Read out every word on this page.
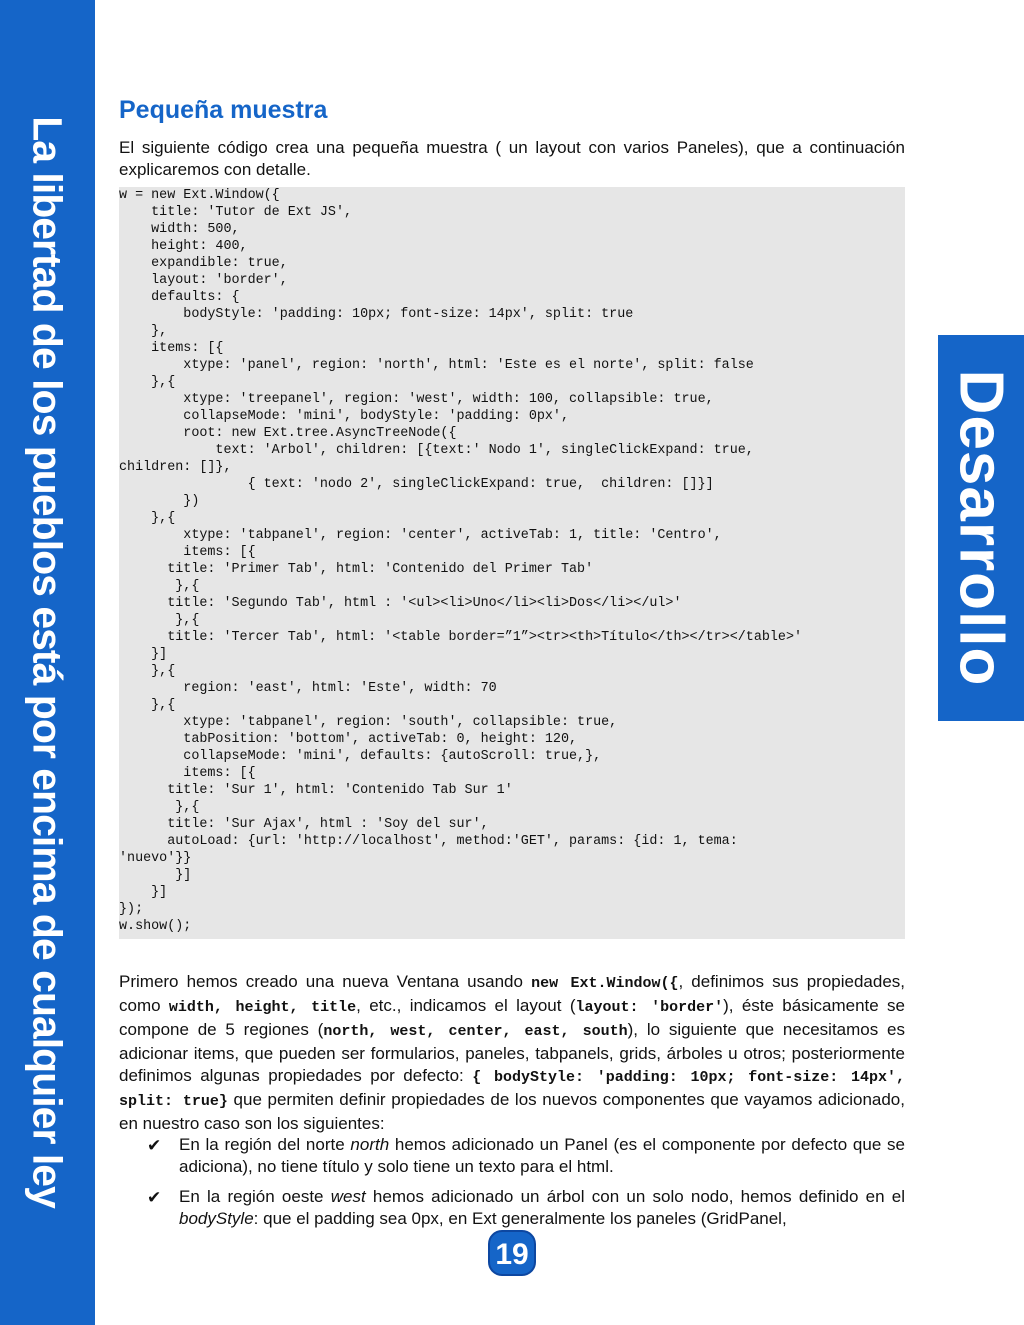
La libertad de los pueblos está por encima de cualquier ley	Desarrollo
Pequeña muestra

El siguiente código crea una pequeña muestra ( un layout con varios Paneles), que a continuación explicaremos con detalle.

w = new Ext.Window({
title: 'Tutor de Ext JS',
width: 500,
height: 400,
expandible: true,
layout: 'border',
defaults: {
bodyStyle: 'padding: 10px; font-size: 14px', split: true
},
items: [{
xtype: 'panel', region: 'north', html: 'Este es el norte', split: false
},{
xtype: 'treepanel', region: 'west', width: 100, collapsible: true,
collapseMode: 'mini', bodyStyle: 'padding: 0px',
root: new Ext.tree.AsyncTreeNode({
text: 'Arbol', children: [{text:' Nodo 1', singleClickExpand: true,
children: []},
{ text: 'nodo 2', singleClickExpand: true,  children: []}]
})
},{
xtype: 'tabpanel', region: 'center', activeTab: 1, title: 'Centro',
items: [{
title: 'Primer Tab', html: 'Contenido del Primer Tab'
},{
title: 'Segundo Tab', html : '<ul><li>Uno</li><li>Dos</li></ul>'
},{
title: 'Tercer Tab', html: '<table border=”1”><tr><th>Título</th></tr></table>'
}]
},{
region: 'east', html: 'Este', width: 70
},{
xtype: 'tabpanel', region: 'south', collapsible: true,
tabPosition: 'bottom', activeTab: 0, height: 120,
collapseMode: 'mini', defaults: {autoScroll: true,},
items: [{
title: 'Sur 1', html: 'Contenido Tab Sur 1'
},{
title: 'Sur Ajax', html : 'Soy del sur',
autoLoad: {url: 'http://localhost', method:'GET', params: {id: 1, tema:
'nuevo'}}
}]
}]
});
w.show();

Primero hemos creado una nueva Ventana usando new Ext.Window({, definimos sus propiedades, como width, height, title, etc., indicamos el layout (layout: 'border'), éste básicamente se compone de 5 regiones (north, west, center, east, south), lo siguiente que necesitamos es adicionar items, que pueden ser formularios, paneles, tabpanels, grids, árboles u otros; posteriormente definimos algunas propiedades por defecto: { bodyStyle: 'padding: 10px; font-size: 14px', split: true} que permiten definir propiedades de los nuevos componentes que vayamos adicionado, en nuestro caso son los siguientes:

✔ En la región del norte north hemos adicionado un Panel (es el componente por defecto que se adiciona), no tiene título y solo tiene un texto para el html.
✔ En la región oeste west hemos adicionado un árbol con un solo nodo, hemos definido en el bodyStyle: que el padding sea 0px, en Ext generalmente los paneles (GridPanel,
19
